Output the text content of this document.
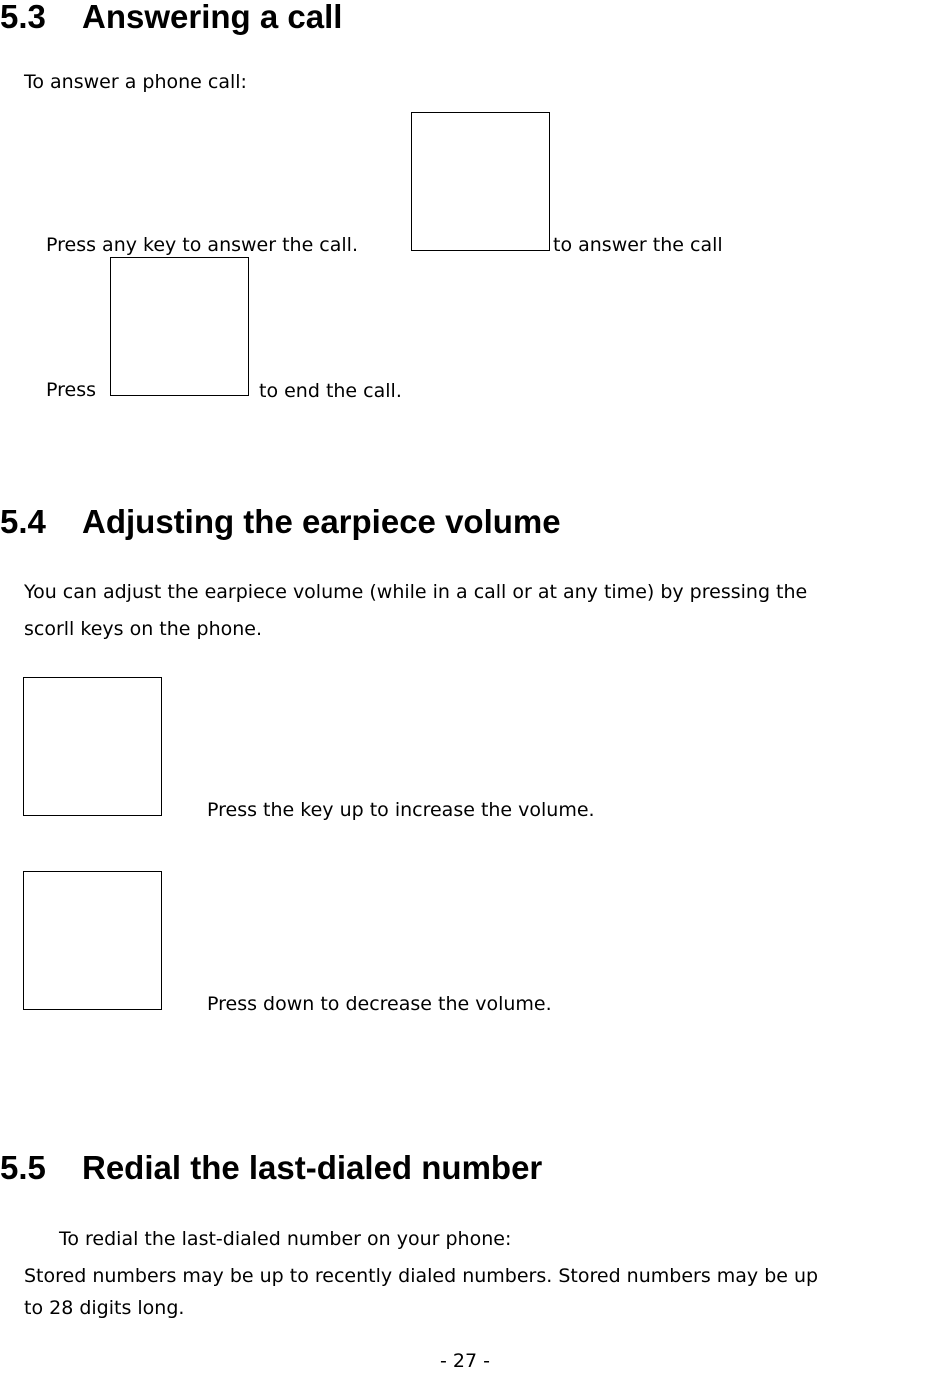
5.3 Answering a call
To answer a phone call:
Press any key to answer the call.	to answer the call
Press	to end the call.
5.4 Adjusting the earpiece volume
You can adjust the earpiece volume (while in a call or at any time) by pressing the
scorll keys on the phone.
Press the key up to increase the volume.
Press down to decrease the volume.
5.5 Redial the last-dialed number
To redial the last-dialed number on your phone:
Stored numbers may be up to recently dialed numbers. Stored numbers may be up
to 28 digits long.
- 27 -
